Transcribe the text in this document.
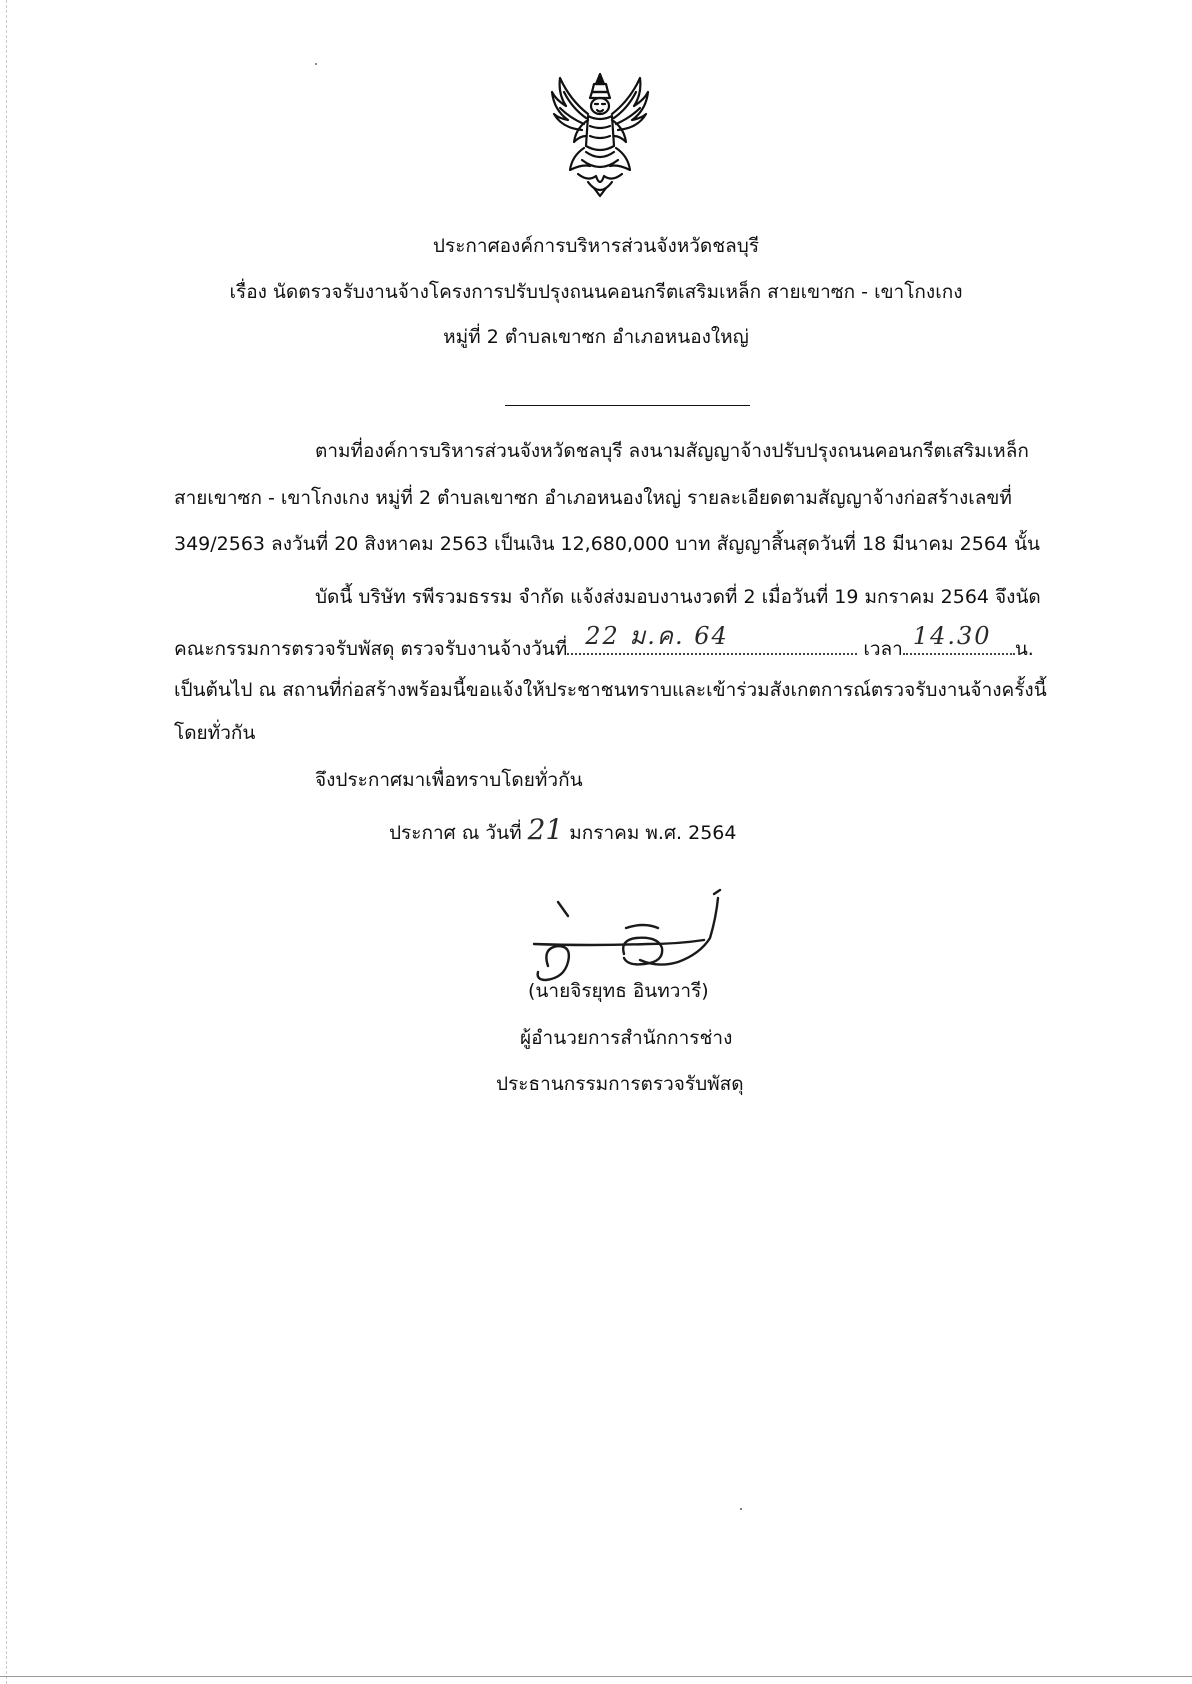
ประกาศองค์การบริหารส่วนจังหวัดชลบุรี
เรื่อง นัดตรวจรับงานจ้างโครงการปรับปรุงถนนคอนกรีตเสริมเหล็ก สายเขาซก - เขาโกงเกง
หมู่ที่ 2 ตำบลเขาซก อำเภอหนองใหญ่
ตามที่องค์การบริหารส่วนจังหวัดชลบุรี ลงนามสัญญาจ้างปรับปรุงถนนคอนกรีตเสริมเหล็ก
สายเขาซก - เขาโกงเกง หมู่ที่ 2 ตำบลเขาซก อำเภอหนองใหญ่ รายละเอียดตามสัญญาจ้างก่อสร้างเลขที่
349/2563 ลงวันที่ 20 สิงหาคม 2563 เป็นเงิน 12,680,000 บาท สัญญาสิ้นสุดวันที่ 18 มีนาคม 2564 นั้น
บัดนี้ บริษัท รพีรวมธรรม จำกัด แจ้งส่งมอบงานงวดที่ 2 เมื่อวันที่ 19 มกราคม 2564 จึงนัด
คณะกรรมการตรวจรับพัสดุ ตรวจรับงานจ้างวันที่ 22 ม.ค. 64	เวลา 14.30 น.
เป็นต้นไป ณ สถานที่ก่อสร้างพร้อมนี้ขอแจ้งให้ประชาชนทราบและเข้าร่วมสังเกตการณ์ตรวจรับงานจ้างครั้งนี้
โดยทั่วกัน
จึงประกาศมาเพื่อทราบโดยทั่วกัน
ประกาศ ณ วันที่ 21 มกราคม พ.ศ. 2564
(นายจิรยุทธ อินทวารี)
ผู้อำนวยการสำนักการช่าง
ประธานกรรมการตรวจรับพัสดุ
